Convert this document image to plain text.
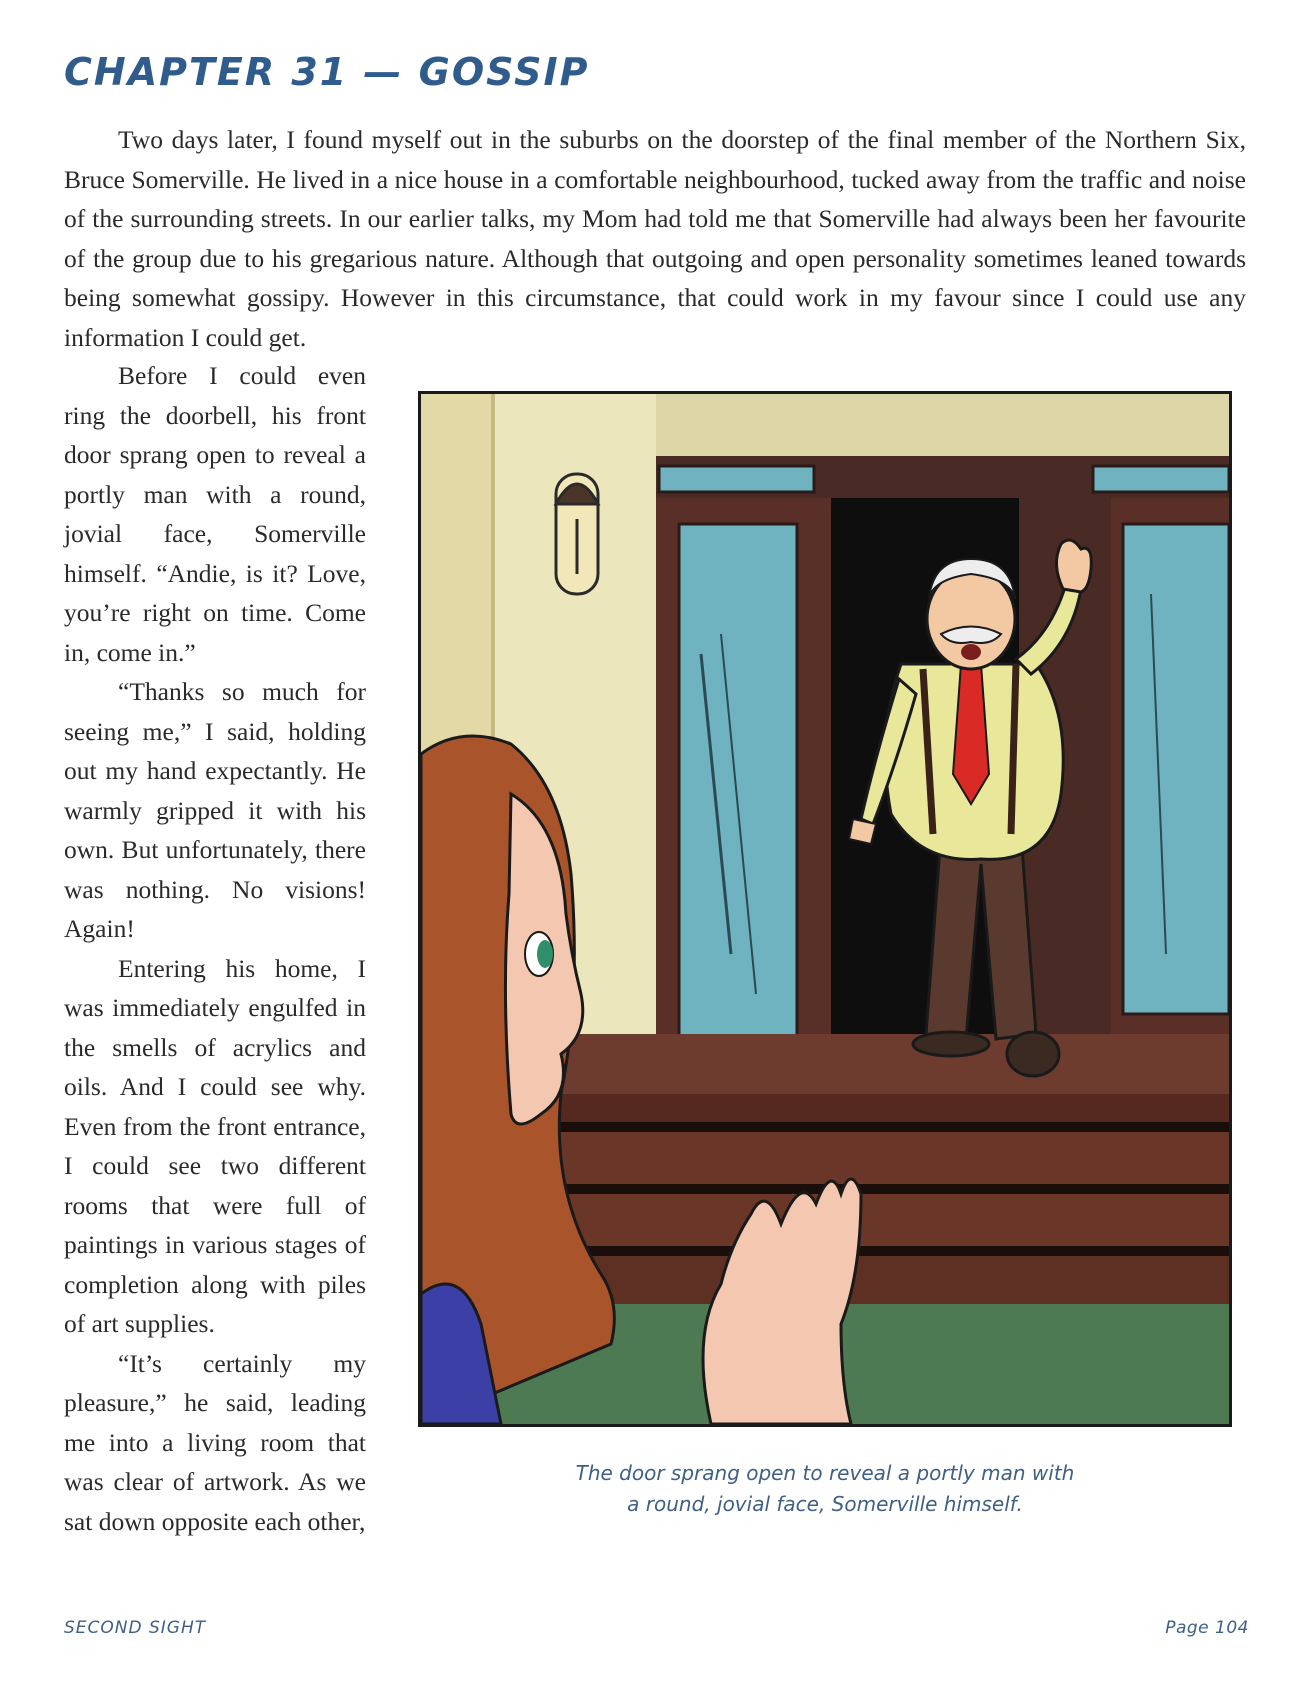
CHAPTER 31 — GOSSIP

Two days later, I found myself out in the suburbs on the doorstep of the final member of the Northern Six, Bruce Somerville. He lived in a nice house in a comfortable neighbourhood, tucked away from the traffic and noise of the surrounding streets. In our earlier talks, my Mom had told me that Somerville had always been her favourite of the group due to his gregarious nature. Although that outgoing and open personality sometimes leaned towards being somewhat gossipy. However in this circumstance, that could work in my favour since I could use any information I could get.

Before I could even ring the doorbell, his front door sprang open to reveal a portly man with a round, jovial face, Somerville himself. “Andie, is it? Love, you’re right on time. Come in, come in.”

“Thanks so much for seeing me,” I said, holding out my hand expectantly. He warmly gripped it with his own. But unfortunately, there was nothing. No visions! Again!

Entering his home, I was immediately engulfed in the smells of acrylics and oils. And I could see why. Even from the front entrance, I could see two different rooms that were full of paintings in various stages of completion along with piles of art supplies.

“It’s certainly my pleasure,” he said, leading me into a living room that was clear of artwork. As we sat down opposite each other,

The door sprang open to reveal a portly man with
a round, jovial face, Somerville himself.
SECOND SIGHT	Page 104
